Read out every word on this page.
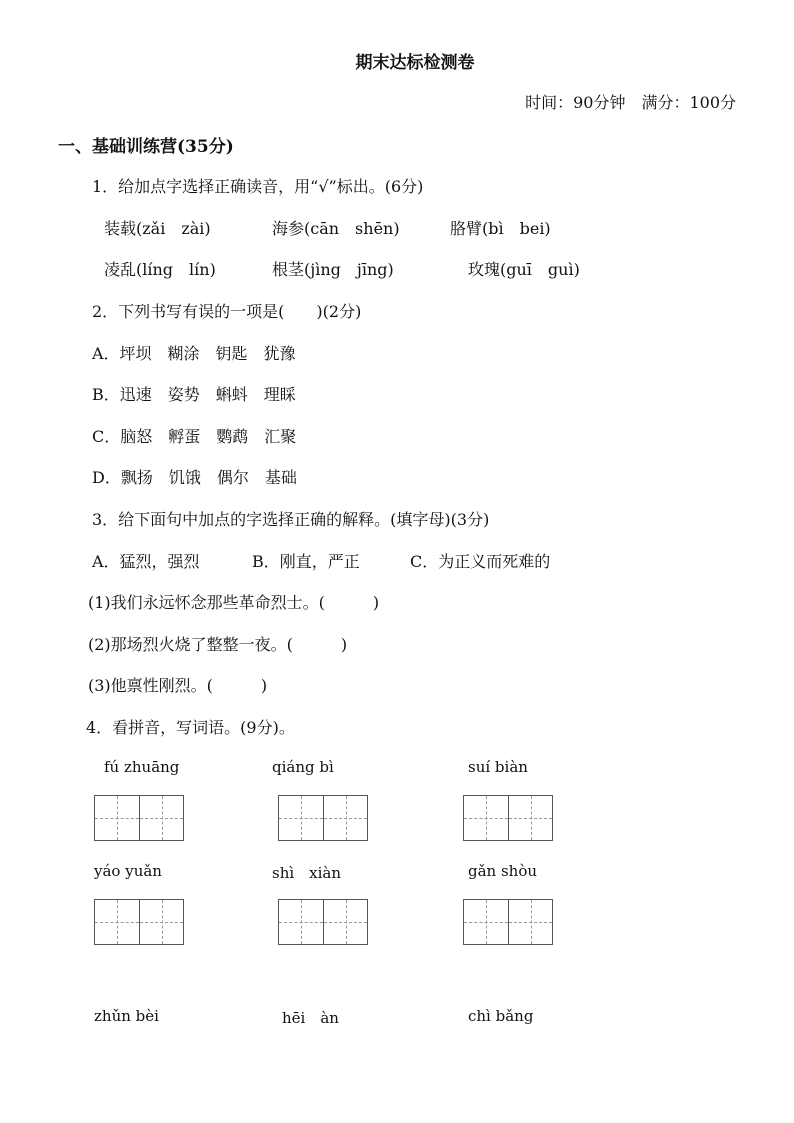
期末达标检测卷
时间：90分钟　满分：100分
一、基础训练营(35分)
1．给加点字选择正确读音，用“√”标出。(6分)
装载(zǎi　zài)	海参(cān　shēn)	胳臂(bì　bei)
凌乱(líng　lín)	根茎(jìng　jīng)	玫瑰(guī　guì)
2．下列书写有误的一项是(　　)(2分)
A．坪坝　糊涂　钥匙　犹豫
B．迅速　姿势　蝌蚪　理睬
C．脑怒　孵蛋　鹦鹉　汇聚
D．飘扬　饥饿　偶尔　基础
3．给下面句中加点的字选择正确的解释。(填字母)(3分)
A．猛烈，强烈	B．刚直，严正	C．为正义而死难的
(1)我们永远怀念那些革命烈士。(　　　)
(2)那场烈火烧了整整一夜。(　　　)
(3)他禀性刚烈。(　　　)
4．看拼音，写词语。(9分)。
fú zhuāng	qiáng bì	suí biàn
yáo yuǎn	shì　xiàn	gǎn shòu
zhǔn bèi	hēi　àn	chì bǎng
